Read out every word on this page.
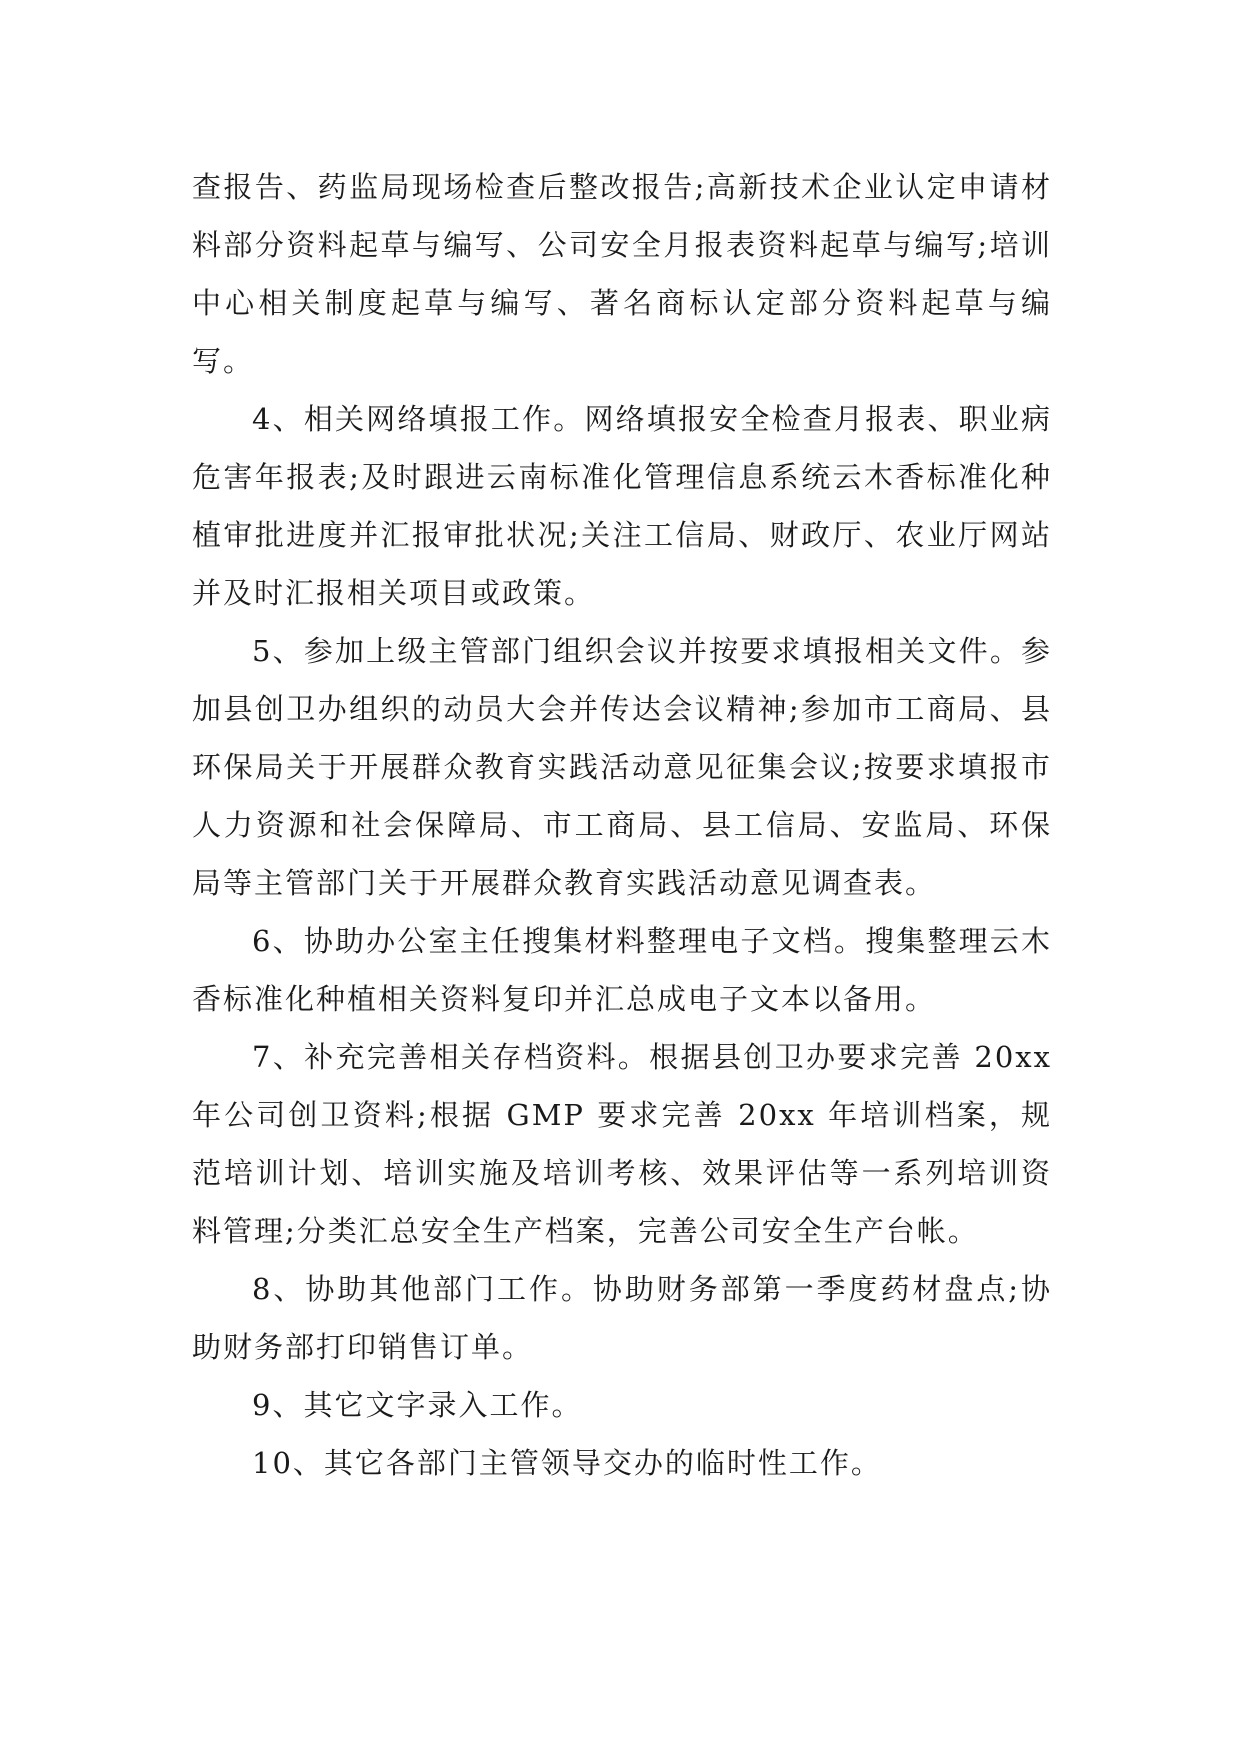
查报告、药监局现场检查后整改报告;高新技术企业认定申请材料部分资料起草与编写、公司安全月报表资料起草与编写;培训中心相关制度起草与编写、著名商标认定部分资料起草与编写。

4、相关网络填报工作。网络填报安全检查月报表、职业病危害年报表;及时跟进云南标准化管理信息系统云木香标准化种植审批进度并汇报审批状况;关注工信局、财政厅、农业厅网站并及时汇报相关项目或政策。

5、参加上级主管部门组织会议并按要求填报相关文件。参加县创卫办组织的动员大会并传达会议精神;参加市工商局、县环保局关于开展群众教育实践活动意见征集会议;按要求填报市人力资源和社会保障局、市工商局、县工信局、安监局、环保局等主管部门关于开展群众教育实践活动意见调查表。

6、协助办公室主任搜集材料整理电子文档。搜集整理云木香标准化种植相关资料复印并汇总成电子文本以备用。

7、补充完善相关存档资料。根据县创卫办要求完善 20xx 年公司创卫资料;根据 GMP 要求完善 20xx 年培训档案，规范培训计划、培训实施及培训考核、效果评估等一系列培训资料管理;分类汇总安全生产档案，完善公司安全生产台帐。

8、协助其他部门工作。协助财务部第一季度药材盘点;协助财务部打印销售订单。

9、其它文字录入工作。

10、其它各部门主管领导交办的临时性工作。
